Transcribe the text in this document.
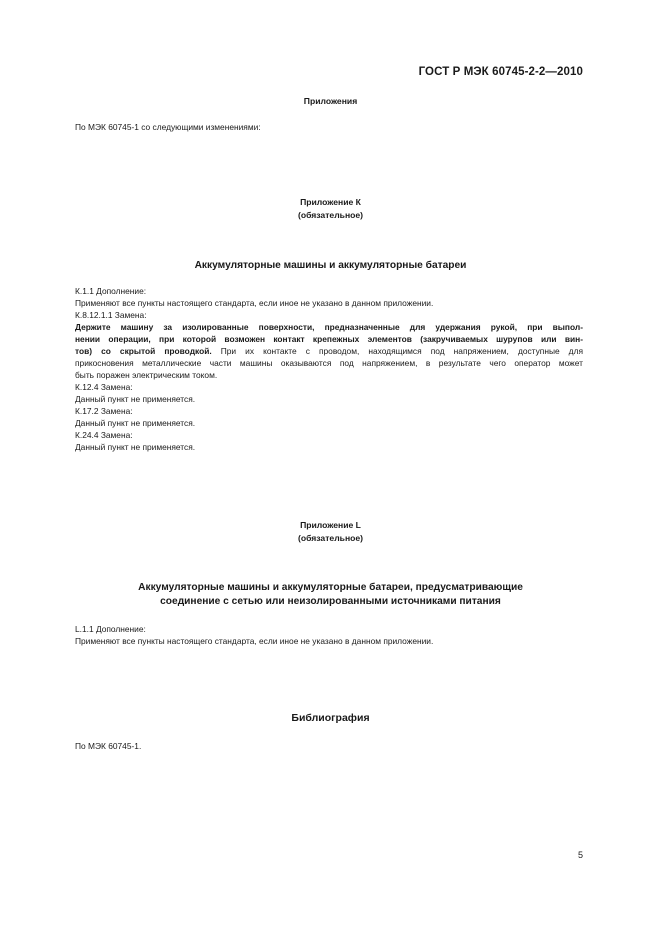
ГОСТ Р МЭК 60745-2-2—2010
Приложения
По МЭК 60745-1 со следующими изменениями:
Приложение К
(обязательное)
Аккумуляторные машины и аккумуляторные батареи
К.1.1 Дополнение:
Применяют все пункты настоящего стандарта, если иное не указано в данном приложении.
К.8.12.1.1 Замена:
Держите машину за изолированные поверхности, предназначенные для удержания рукой, при выпол-
нении операции, при которой возможен контакт крепежных элементов (закручиваемых шурупов или вин-
тов) со скрытой проводкой. При их контакте с проводом, находящимся под напряжением, доступные для
прикосновения металлические части машины оказываются под напряжением, в результате чего оператор может
быть поражен электрическим током.
К.12.4 Замена:
Данный пункт не применяется.
К.17.2 Замена:
Данный пункт не применяется.
К.24.4 Замена:
Данный пункт не применяется.
Приложение L
(обязательное)
Аккумуляторные машины и аккумуляторные батареи, предусматривающие
соединение с сетью или неизолированными источниками питания
L.1.1 Дополнение:
Применяют все пункты настоящего стандарта, если иное не указано в данном приложении.
Библиография
По МЭК 60745-1.
5
